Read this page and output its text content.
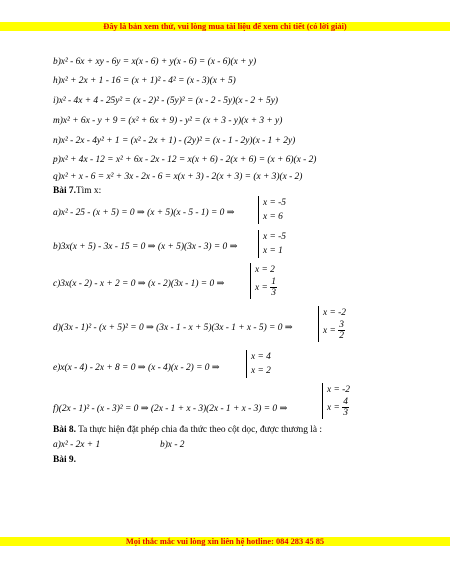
Đây là bản xem thử, vui lòng mua tài liệu để xem chi tiết (có lời giải)
b)x² - 6x + xy - 6y = x(x - 6) + y(x - 6) = (x - 6)(x + y)
h)x² + 2x + 1 - 16 = (x + 1)² - 4² = (x - 3)(x + 5)
i)x² - 4x + 4 - 25y² = (x - 2)² - (5y)² = (x - 2 - 5y)(x - 2 + 5y)
m)x² + 6x - y + 9 = (x² + 6x + 9) - y² = (x + 3 - y)(x + 3 + y)
n)x² - 2x - 4y² + 1 = (x² - 2x + 1) - (2y)² = (x - 1 - 2y)(x - 1 + 2y)
p)x² + 4x - 12 = x² + 6x - 2x - 12 = x(x + 6) - 2(x + 6) = (x + 6)(x - 2)
q)x² + x - 6 = x² + 3x - 2x - 6 = x(x + 3) - 2(x + 3) = (x + 3)(x - 2)
Bài 7.Tìm x:
a)x² - 25 - (x + 5) = 0 ⇒ (x + 5)(x - 5 - 1) = 0 ⇒
x = -5
x = 6
b)3x(x + 5) - 3x - 15 = 0 ⇒ (x + 5)(3x - 3) = 0 ⇒
x = -5
x = 1
c)3x(x - 2) - x + 2 = 0 ⇒ (x - 2)(3x - 1) = 0 ⇒
x = 2
$x = \frac{1}{3}$
d)(3x - 1)² - (x + 5)² = 0 ⇒ (3x - 1 - x + 5)(3x - 1 + x - 5) = 0 ⇒
x = -2
$x = \frac{3}{2}$
e)x(x - 4) - 2x + 8 = 0 ⇒ (x - 4)(x - 2) = 0 ⇒
x = 4
x = 2
f)(2x - 1)² - (x - 3)² = 0 ⇒ (2x - 1 + x - 3)(2x - 1 + x - 3) = 0 ⇒
x = -2
$x = \frac{4}{3}$
Bài 8. Ta thực hiện đặt phép chia đa thức theo cột dọc, được thương là :
a)x² - 2x + 1	b)x - 2
Bài 9.
Mọi thắc mắc vui lòng xin liên hệ hotline: 084 283 45 85
